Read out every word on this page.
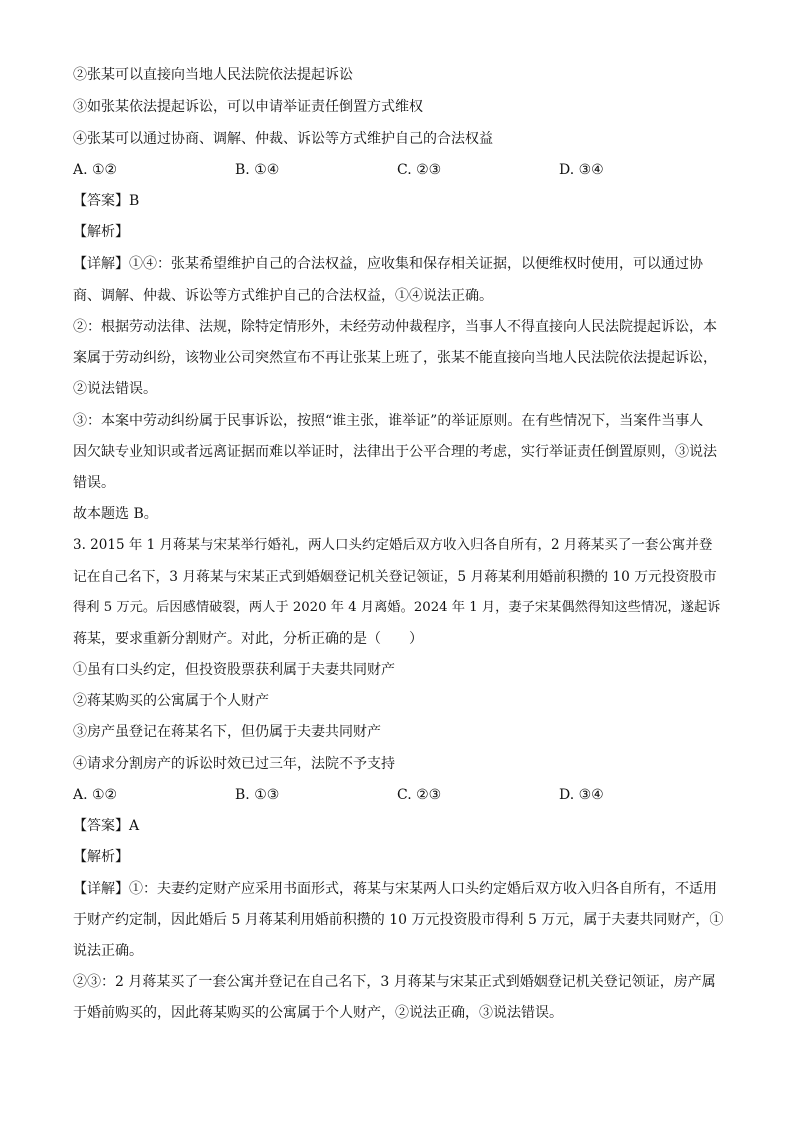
②张某可以直接向当地人民法院依法提起诉讼
③如张某依法提起诉讼，可以申请举证责任倒置方式维权
④张某可以通过协商、调解、仲裁、诉讼等方式维护自己的合法权益
A. ①②	B. ①④	C. ②③	D. ③④
【答案】B
【解析】
【详解】①④：张某希望维护自己的合法权益，应收集和保存相关证据，以便维权时使用，可以通过协
商、调解、仲裁、诉讼等方式维护自己的合法权益，①④说法正确。
②：根据劳动法律、法规，除特定情形外，未经劳动仲裁程序，当事人不得直接向人民法院提起诉讼，本
案属于劳动纠纷，该物业公司突然宣布不再让张某上班了，张某不能直接向当地人民法院依法提起诉讼，
②说法错误。
③：本案中劳动纠纷属于民事诉讼，按照“谁主张，谁举证”的举证原则。在有些情况下，当案件当事人
因欠缺专业知识或者远离证据而难以举证时，法律出于公平合理的考虑，实行举证责任倒置原则，③说法
错误。
故本题选 B。
3. 2015 年 1 月蒋某与宋某举行婚礼，两人口头约定婚后双方收入归各自所有，2 月蒋某买了一套公寓并登
记在自己名下，3 月蒋某与宋某正式到婚姻登记机关登记领证，5 月蒋某利用婚前积攒的 10 万元投资股市
得利 5 万元。后因感情破裂，两人于 2020 年 4 月离婚。2024 年 1 月，妻子宋某偶然得知这些情况，遂起诉
蒋某，要求重新分割财产。对此，分析正确的是（　　）
①虽有口头约定，但投资股票获利属于夫妻共同财产
②蒋某购买的公寓属于个人财产
③房产虽登记在蒋某名下，但仍属于夫妻共同财产
④请求分割房产的诉讼时效已过三年，法院不予支持
A. ①②	B. ①③	C. ②③	D. ③④
【答案】A
【解析】
【详解】①：夫妻约定财产应采用书面形式，蒋某与宋某两人口头约定婚后双方收入归各自所有，不适用
于财产约定制，因此婚后 5 月蒋某利用婚前积攒的 10 万元投资股市得利 5 万元，属于夫妻共同财产，①
说法正确。
②③：2 月蒋某买了一套公寓并登记在自己名下，3 月蒋某与宋某正式到婚姻登记机关登记领证，房产属
于婚前购买的，因此蒋某购买的公寓属于个人财产，②说法正确，③说法错误。
